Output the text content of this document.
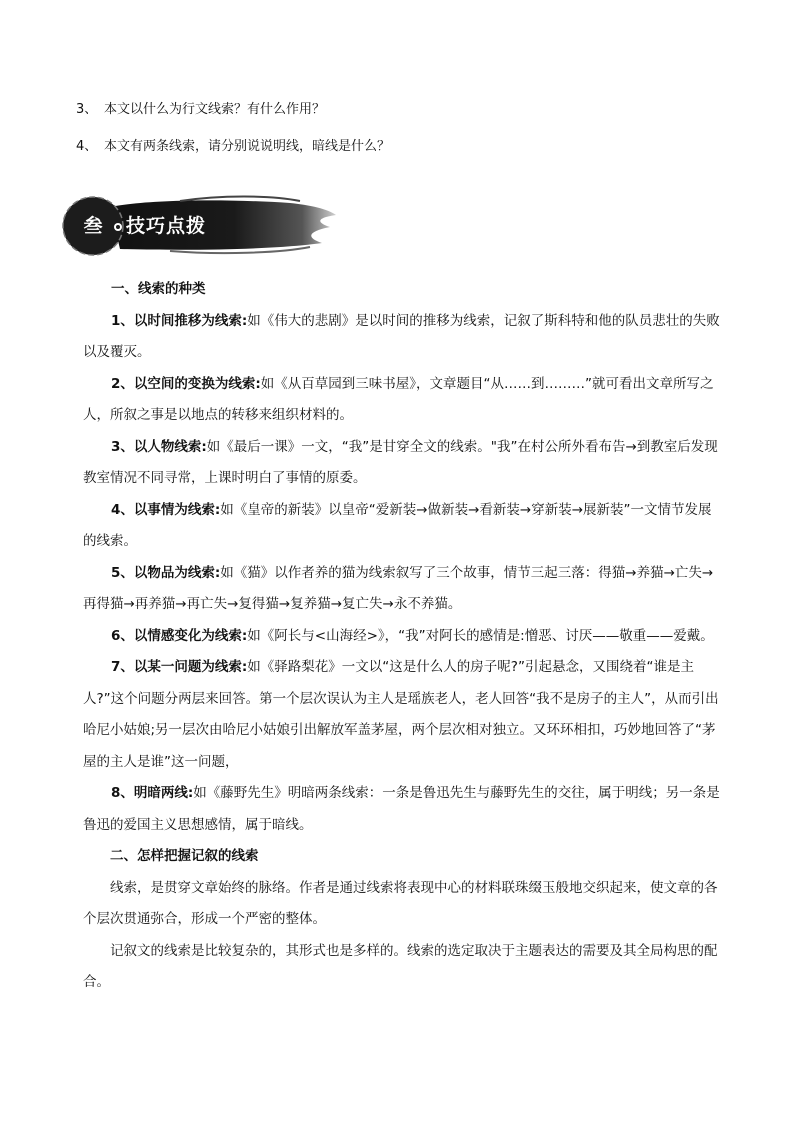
3、 本文以什么为行文线索？有什么作用？
4、 本文有两条线索，请分别说说明线，暗线是什么？
叁	技巧点拨

一、线索的种类

1、以时间推移为线索:如《伟大的悲剧》是以时间的推移为线索，记叙了斯科特和他的队员悲壮的失败以及覆灭。

2、以空间的变换为线索:如《从百草园到三味书屋》，文章题目“从……到………”就可看出文章所写之人，所叙之事是以地点的转移来组织材料的。

3、以人物线索:如《最后一课》一文，“我”是甘穿全文的线索。"我”在村公所外看布告→到教室后发现教室情况不同寻常，上课时明白了事情的原委。

4、以事情为线索:如《皇帝的新装》以皇帝“爱新装→做新装→看新装→穿新装→展新装”一文情节发展的线索。

5、以物品为线索:如《猫》以作者养的猫为线索叙写了三个故事，情节三起三落：得猫→养猫→亡失→再得猫→再养猫→再亡失→复得猫→复养猫→复亡失→永不养猫。

6、以情感变化为线索:如《阿长与<山海经>》，“我”对阿长的感情是:憎恶、讨厌——敬重——爱戴。

7、以某一问题为线索:如《驿路梨花》一文以“这是什么人的房子呢?”引起悬念，又围绕着“谁是主人?”这个问题分两层来回答。第一个层次误认为主人是瑶族老人，老人回答“我不是房子的主人”，从而引出哈尼小姑娘;另一层次由哈尼小姑娘引出解放军盖茅屋，两个层次相对独立。又环环相扣，巧妙地回答了“茅屋的主人是谁”这一问题，

8、明暗两线:如《藤野先生》明暗两条线索：一条是鲁迅先生与藤野先生的交往，属于明线；另一条是鲁迅的爱国主义思想感情，属于暗线。

二、怎样把握记叙的线索

线索，是贯穿文章始终的脉络。作者是通过线索将表现中心的材料联珠缀玉般地交织起来，使文章的各个层次贯通弥合，形成一个严密的整体。

记叙文的线索是比较复杂的，其形式也是多样的。线索的选定取决于主题表达的需要及其全局构思的配合。
